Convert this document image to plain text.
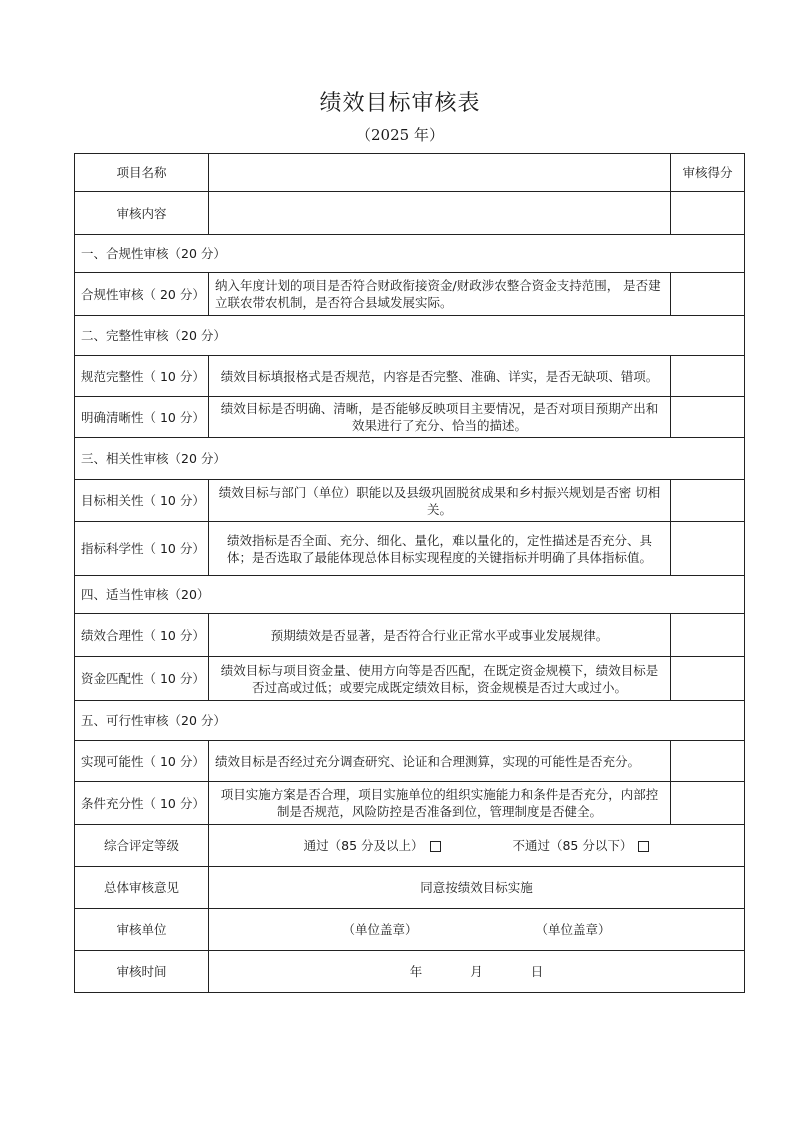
绩效目标审核表
（2025 年）
项目名称		审核得分
审核内容		
一、合规性审核（20 分）		
合规性审核（ 20 分）	纳入年度计划的项目是否符合财政衔接资金/财政涉农整合资金支持范围， 是否建立联农带农机制，是否符合县域发展实际。	
二、完整性审核（20 分）		
规范完整性（ 10 分）	绩效目标填报格式是否规范，内容是否完整、准确、详实，是否无缺项、错项。	
明确清晰性（ 10 分）	绩效目标是否明确、清晰，是否能够反映项目主要情况，是否对项目预期产出和效果进行了充分、恰当的描述。	
三、相关性审核（20 分）		
目标相关性（ 10 分）	绩效目标与部门（单位）职能以及县级巩固脱贫成果和乡村振兴规划是否密 切相关。	
指标科学性（ 10 分）	绩效指标是否全面、充分、细化、量化，难以量化的，定性描述是否充分、具体；是否选取了最能体现总体目标实现程度的关键指标并明确了具体指标值。	
四、适当性审核（20）		
绩效合理性（ 10 分）	预期绩效是否显著，是否符合行业正常水平或事业发展规律。	
资金匹配性（ 10 分）	绩效目标与项目资金量、使用方向等是否匹配，在既定资金规模下，绩效目标是否过高或过低；或要完成既定绩效目标，资金规模是否过大或过小。	
五、可行性审核（20 分）		
实现可能性（ 10 分）	绩效目标是否经过充分调查研究、论证和合理测算，实现的可能性是否充分。	
条件充分性（ 10 分）	项目实施方案是否合理，项目实施单位的组织实施能力和条件是否充分，内部控制是否规范，风险防控是否准备到位，管理制度是否健全。	
综合评定等级	通过（85 分及以上） 不通过（85 分以下）	
总体审核意见	同意按绩效目标实施	
审核单位	（单位盖章） （单位盖章）	
审核时间	年 月 日	
